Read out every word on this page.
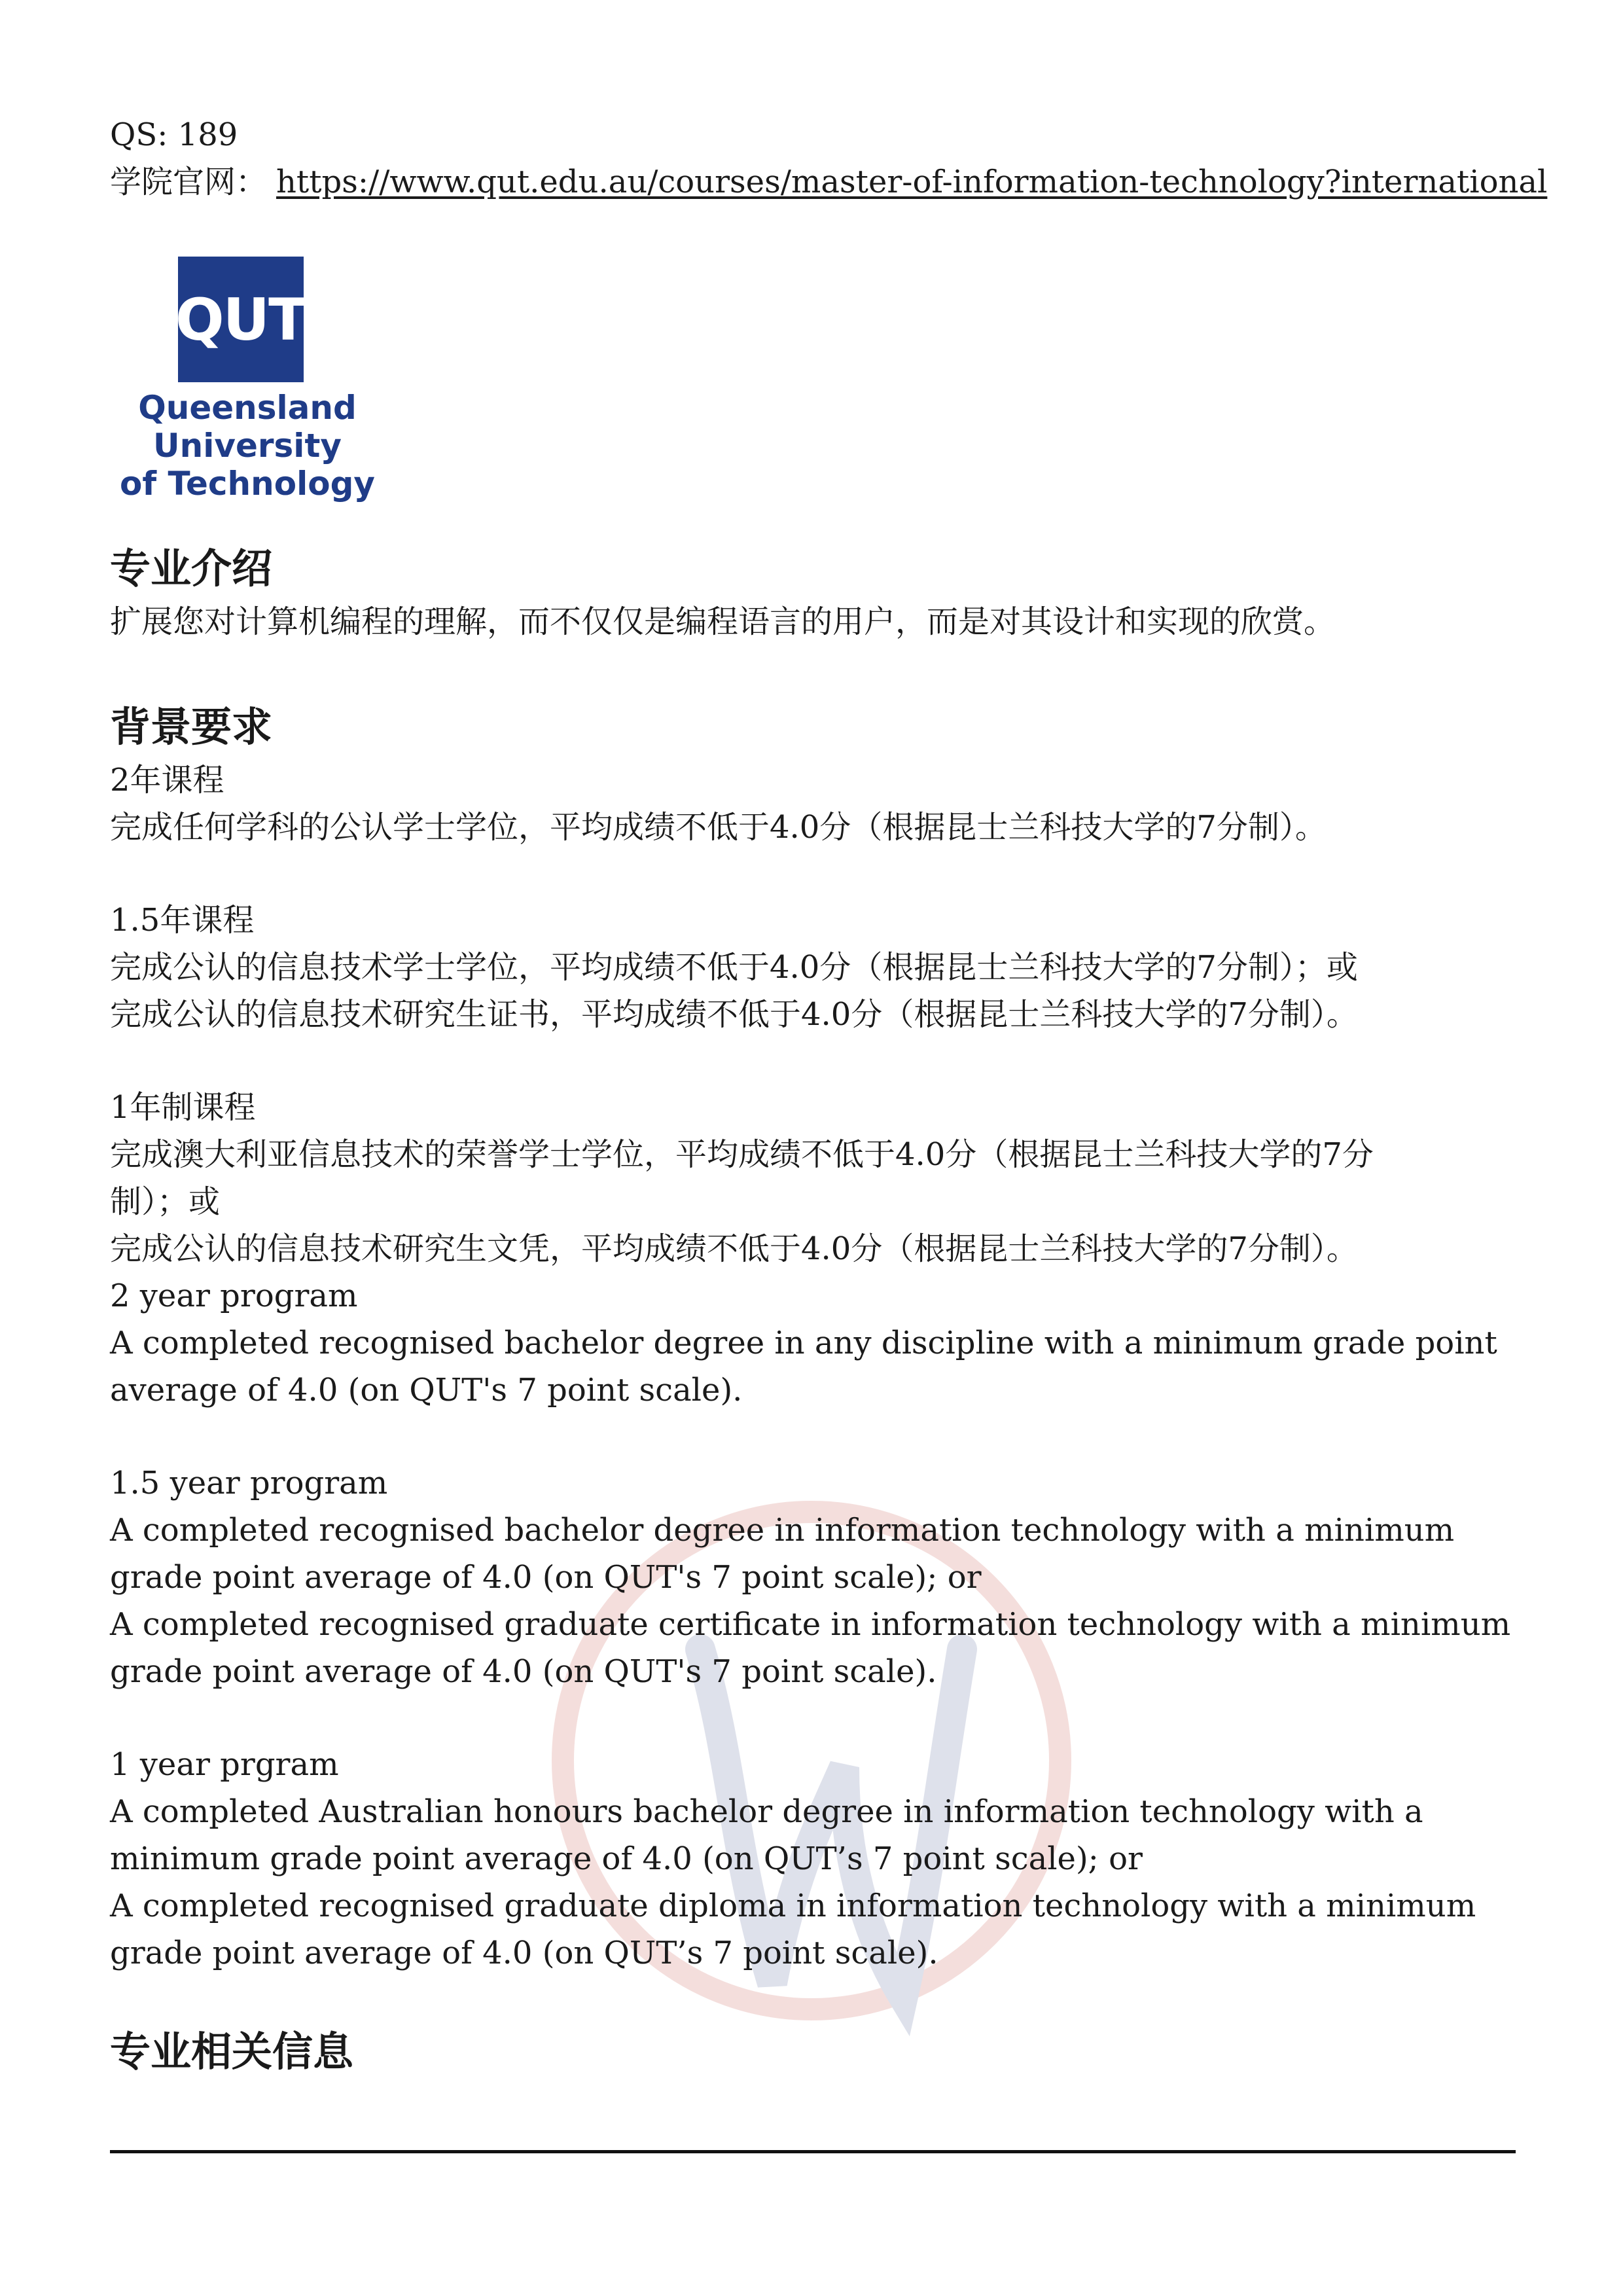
QS: 189
学院官网： https://www.qut.edu.au/courses/master-of-information-technology?international
QUT
Queensland
University
of Technology
专业介绍
扩展您对计算机编程的理解，而不仅仅是编程语言的用户，而是对其设计和实现的欣赏。
背景要求
2年课程
完成任何学科的公认学士学位，平均成绩不低于4.0分（根据昆士兰科技大学的7分制）。
1.5年课程
完成公认的信息技术学士学位，平均成绩不低于4.0分（根据昆士兰科技大学的7分制）；或
完成公认的信息技术研究生证书，平均成绩不低于4.0分（根据昆士兰科技大学的7分制）。
1年制课程
完成澳大利亚信息技术的荣誉学士学位，平均成绩不低于4.0分（根据昆士兰科技大学的7分
制）；或
完成公认的信息技术研究生文凭，平均成绩不低于4.0分（根据昆士兰科技大学的7分制）。
2 year program
A completed recognised bachelor degree in any discipline with a minimum grade point
average of 4.0 (on QUT's 7 point scale).
1.5 year program
A completed recognised bachelor degree in information technology with a minimum
grade point average of 4.0 (on QUT's 7 point scale); or
A completed recognised graduate certificate in information technology with a minimum
grade point average of 4.0 (on QUT's 7 point scale).
1 year prgram
A completed Australian honours bachelor degree in information technology with a
minimum grade point average of 4.0 (on QUT’s 7 point scale); or
A completed recognised graduate diploma in information technology with a minimum
grade point average of 4.0 (on QUT’s 7 point scale).
专业相关信息
